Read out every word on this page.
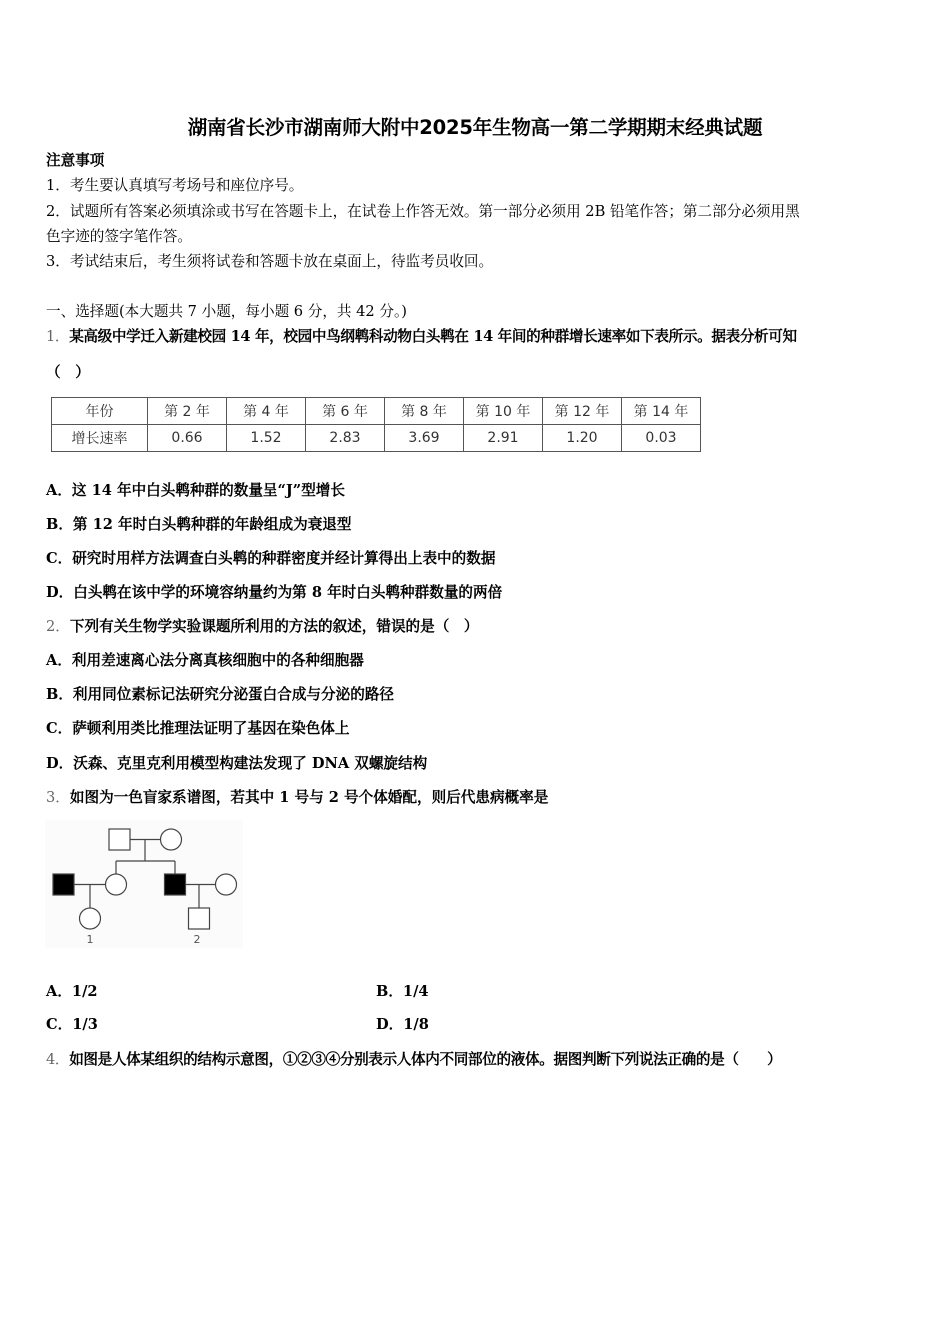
湖南省长沙市湖南师大附中2025年生物高一第二学期期末经典试题
注意事项
1．考生要认真填写考场号和座位序号。
2．试题所有答案必须填涂或书写在答题卡上，在试卷上作答无效。第一部分必须用 2B 铅笔作答；第二部分必须用黑
色字迹的签字笔作答。
3．考试结束后，考生须将试卷和答题卡放在桌面上，待监考员收回。
一、选择题(本大题共 7 小题，每小题 6 分，共 42 分。)
1．某高级中学迁入新建校园 14 年，校园中鸟纲鹎科动物白头鹎在 14 年间的种群增长速率如下表所示。据表分析可知
（　）
年份	第 2 年	第 4 年	第 6 年	第 8 年	第 10 年	第 12 年	第 14 年
增长速率	0.66	1.52	2.83	3.69	2.91	1.20	0.03
A．这 14 年中白头鹎种群的数量呈“J”型增长
B．第 12 年时白头鹎种群的年龄组成为衰退型
C．研究时用样方法调查白头鹎的种群密度并经计算得出上表中的数据
D．白头鹎在该中学的环境容纳量约为第 8 年时白头鹎种群数量的两倍
2．下列有关生物学实验课题所利用的方法的叙述，错误的是（　）
A．利用差速离心法分离真核细胞中的各种细胞器
B．利用同位素标记法研究分泌蛋白合成与分泌的路径
C．萨顿利用类比推理法证明了基因在染色体上
D．沃森、克里克利用模型构建法发现了 DNA 双螺旋结构
3．如图为一色盲家系谱图，若其中 1 号与 2 号个体婚配，则后代患病概率是
1	2
A．1/2	B．1/4
C．1/3	D．1/8
4．如图是人体某组织的结构示意图，①②③④分别表示人体内不同部位的液体。据图判断下列说法正确的是（　　）
